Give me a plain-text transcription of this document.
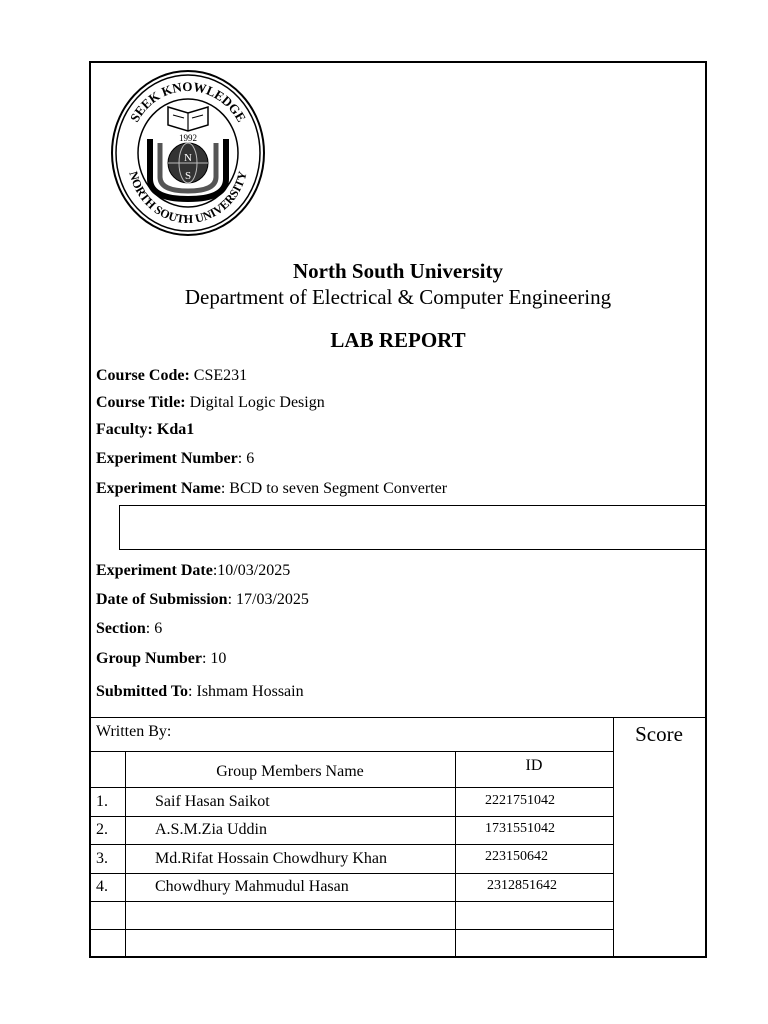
SEEK KNOWLEDGE
NORTH SOUTH UNIVERSITY
1992
N
S
North South University
Department of Electrical & Computer Engineering
LAB REPORT
Course Code: CSE231
Course Title: Digital Logic Design
Faculty: Kda1
Experiment Number: 6
Experiment Name: BCD to seven Segment Converter
Experiment Date:10/03/2025
Date of Submission: 17/03/2025
Section: 6
Group Number: 10
Submitted To: Ishmam Hossain
Written By:	Score
Group Members Name	ID
1.	Saif Hasan Saikot	2221751042
2.	A.S.M.Zia Uddin	1731551042
3.	Md.Rifat Hossain Chowdhury Khan	223150642
4.	Chowdhury Mahmudul Hasan	2312851642
